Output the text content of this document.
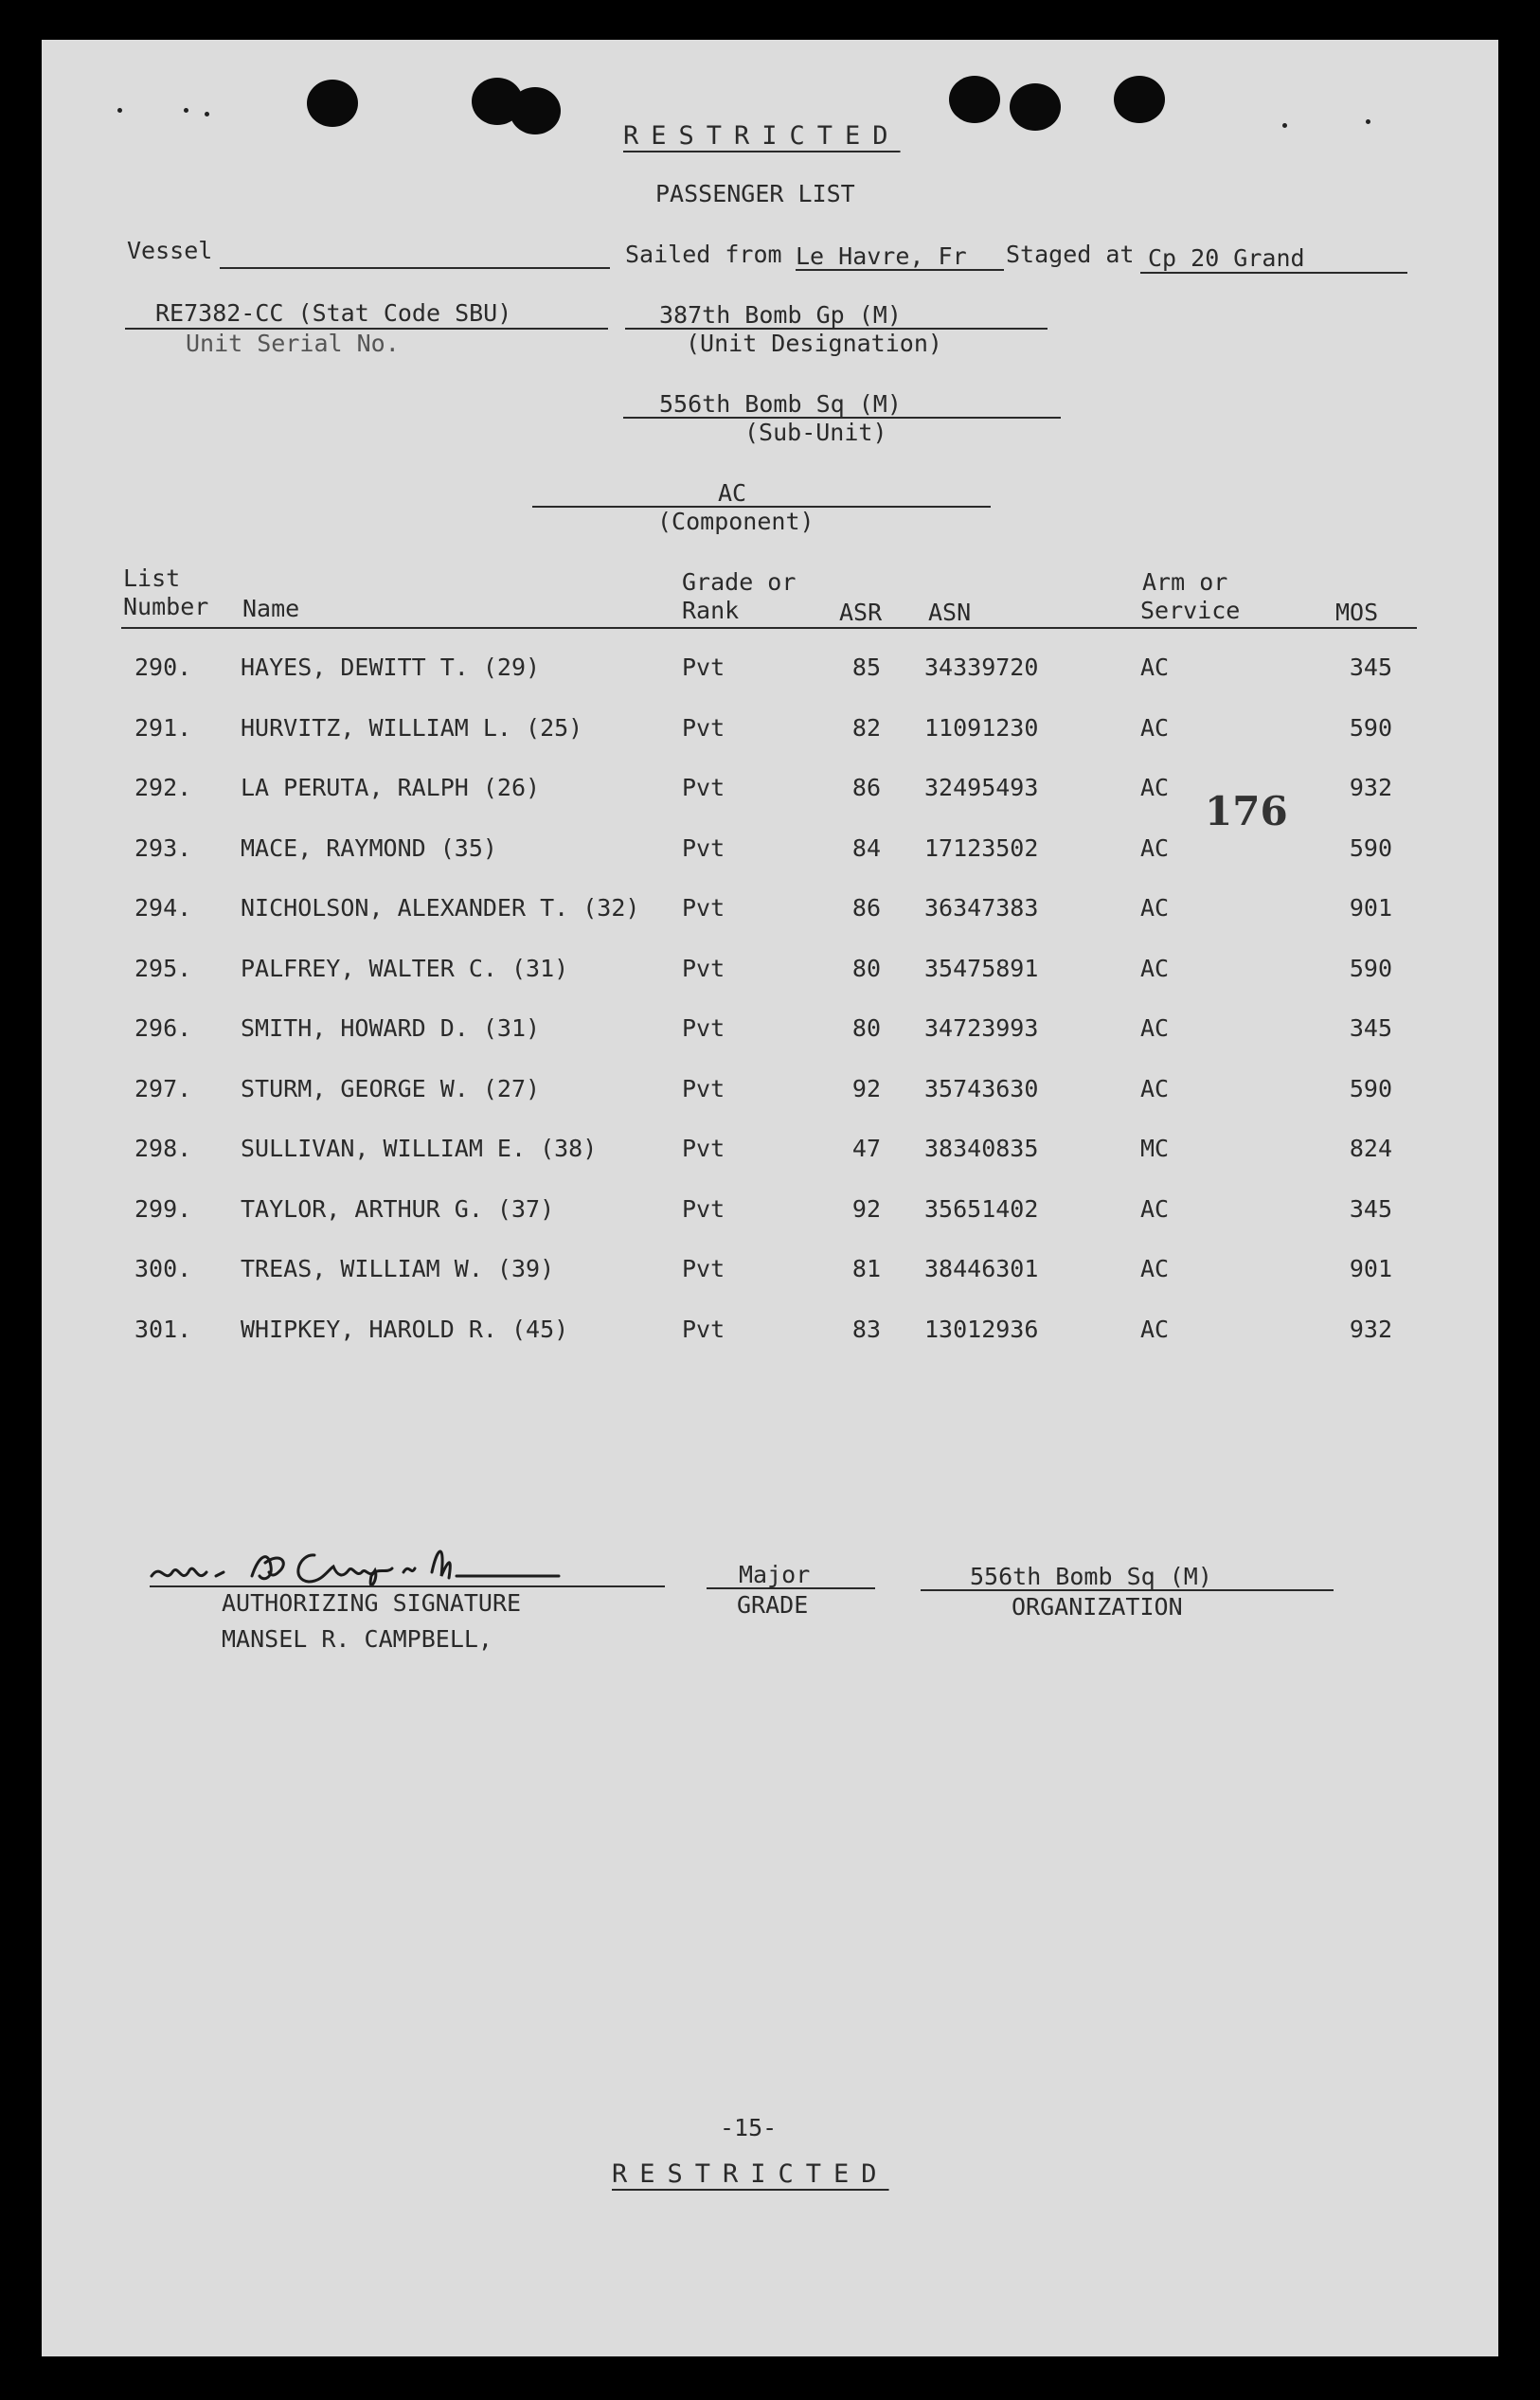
RESTRICTED
PASSENGER LIST
Vessel	Sailed from Le Havre, Fr Staged at Cp 20 Grand
RE7382-CC (Stat Code SBU)
Unit Serial No.
387th Bomb Gp (M)
(Unit Designation)
556th Bomb Sq (M)
(Sub-Unit)
AC
(Component)
List
Number Name
Grade or
Rank	ASR ASN
Arm or
Service	MOS
290.	HAYES, DEWITT T. (29)	Pvt	85 34339720	AC	345
291.	HURVITZ, WILLIAM L. (25)	Pvt	82 11091230	AC	590
292.	LA PERUTA, RALPH (26)	Pvt	86 32495493	AC	932
293.	MACE, RAYMOND (35)	Pvt	84 17123502	AC	590
294.	NICHOLSON, ALEXANDER T. (32)	Pvt	86 36347383	AC	901
295.	PALFREY, WALTER C. (31)	Pvt	80 35475891	AC	590
296.	SMITH, HOWARD D. (31)	Pvt	80 34723993	AC	345
297.	STURM, GEORGE W. (27)	Pvt	92 35743630	AC	590
298.	SULLIVAN, WILLIAM E. (38)	Pvt	47 38340835	MC	824
299.	TAYLOR, ARTHUR G. (37)	Pvt	92 35651402	AC	345
300.	TREAS, WILLIAM W. (39)	Pvt	81 38446301	AC	901
301.	WHIPKEY, HAROLD R. (45)	Pvt	83 13012936	AC	932
176
AUTHORIZING SIGNATURE
MANSEL R. CAMPBELL,
Major
GRADE
556th Bomb Sq (M)
ORGANIZATION
-15-
RESTRICTED
